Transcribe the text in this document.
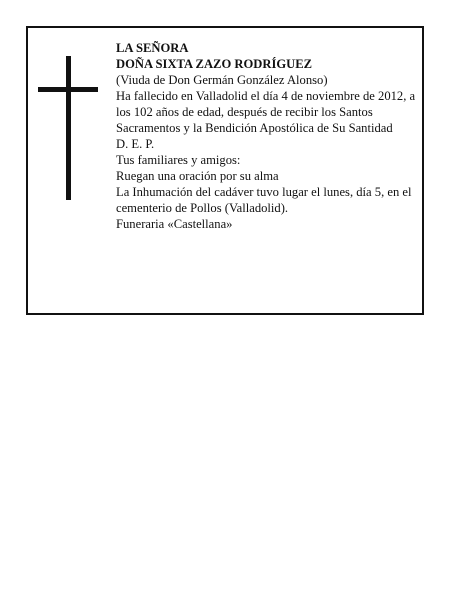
LA SEÑORA
DOÑA SIXTA ZAZO RODRÍGUEZ
(Viuda de Don Germán González Alonso)
Ha fallecido en Valladolid el día 4 de noviembre de 2012, a los 102 años de edad, después de recibir los Santos Sacramentos y la Bendición Apostólica de Su Santidad
D. E. P.
Tus familiares y amigos:
Ruegan una oración por su alma
La Inhumación del cadáver tuvo lugar el lunes, día 5, en el cementerio de Pollos (Valladolid).
Funeraria «Castellana»
